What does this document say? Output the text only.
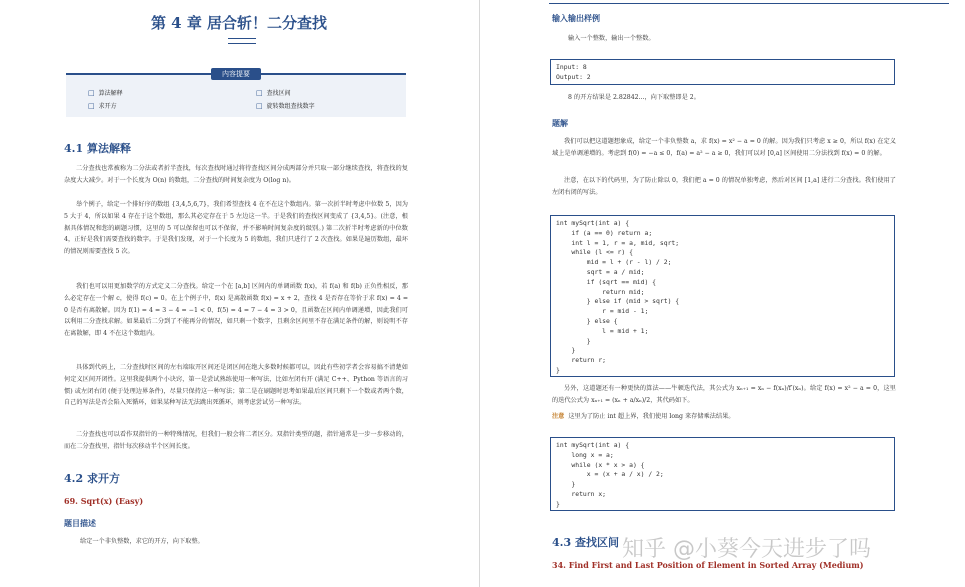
第 4 章 居合斩！二分查找
内容提要
□ 算法解释	□ 查找区间
□ 求开方	□ 旋转数组查找数字
4.1 算法解释
二分查找也常被称为二分法或者折半查找，每次查找时通过将待查找区间分成两部分并只取一部分继续查找，将查找的复杂度大大减少。对于一个长度为 O(n) 的数组，二分查找的时间复杂度为 O(log n)。
举个例子，给定一个排好序的数组 {3,4,5,6,7}，我们希望查找 4 在不在这个数组内。第一次折半时考虑中位数 5，因为 5 大于 4，所以如果 4 存在于这个数组，那么其必定存在于 5 左边这一半。于是我们的查找区间变成了 {3,4,5}。(注意，根据具体情况和您的刷题习惯，这里的 5 可以保留也可以不保留，并不影响时间复杂度的级别。) 第二次折半时考虑新的中位数 4，正好是我们需要查找的数字。于是我们发现，对于一个长度为 5 的数组，我们只进行了 2 次查找。如果是遍历数组，最坏的情况则需要查找 5 次。
我们也可以用更加数学的方式定义二分查找。给定一个在 [a,b] 区间内的单调函数 f(x)，若 f(a) 和 f(b) 正负性相反，那么必定存在一个解 c，使得 f(c) = 0。在上个例子中，f(x) 是离散函数 f(x) = x + 2，查找 4 是否存在等价于求 f(x) = 4 = 0 是否有离散解。因为 f(1) = 4 = 3 − 4 = −1 < 0、f(5) = 4 = 7 − 4 = 3 > 0，且函数在区间内单调递增，因此我们可以利用二分查找求解。如果最后二分到了不能再分的情况，如只剩一个数字，且剩余区间里不存在满足条件的解，则说明不存在离散解，即 4 不在这个数组内。
具体到代码上，二分查找时区间的左右端取开区间还是闭区间在绝大多数时候都可以，因此有些初学者会容易搞不清楚如何定义区间开闭性。这里我提供两个小诀窍，第一是尝试熟练使用一种写法，比如左闭右开 (满足 C++、Python 等语言的习惯) 或左闭右闭 (便于处理边界条件)，尽量只保持这一种写法；第二是在刷题时思考如果最后区间只剩下一个数或者两个数，自己的写法是否会陷入死循环，如果某种写法无法跳出死循环，则考虑尝试另一种写法。
二分查找也可以看作双指针的一种特殊情况，但我们一般会将二者区分。双指针类型的题，指针通常是一步一步移动的，而在二分查找里，指针每次移动半个区间长度。
4.2 求开方
69. Sqrt(x) (Easy)
题目描述
给定一个非负整数，求它的开方，向下取整。
输入输出样例
输入一个整数，输出一个整数。
Input: 8
Output: 2
8 的开方结果是 2.82842...，向下取整即是 2。
题解
我们可以把这道题想象成，给定一个非负整数 a，求 f(x) = x² − a = 0 的解。因为我们只考虑 x ≥ 0，所以 f(x) 在定义域上是单调递增的。考虑到 f(0) = −a ≤ 0，f(a) = a² − a ≥ 0，我们可以对 [0,a] 区间使用二分法找到 f(x) = 0 的解。
注意，在以下的代码里，为了防止除以 0，我们把 a = 0 的情况单独考虑，然后对区间 [1,a] 进行二分查找。我们使用了左闭右闭的写法。
int mySqrt(int a) {
if (a == 0) return a;
int l = 1, r = a, mid, sqrt;
while (l <= r) {
mid = l + (r - l) / 2;
sqrt = a / mid;
if (sqrt == mid) {
return mid;
} else if (mid > sqrt) {
r = mid - 1;
} else {
l = mid + 1;
}
}
return r;
}
另外，这道题还有一种更快的算法——牛顿迭代法，其公式为 xₙ₊₁ = xₙ − f(xₙ)/f′(xₙ)。给定 f(x) = x² − a = 0，这里的迭代公式为 xₙ₊₁ = (xₙ + a/xₙ)/2，其代码如下。
注意 这里为了防止 int 超上界，我们使用 long 来存储乘法结果。
int mySqrt(int a) {
long x = a;
while (x * x > a) {
x = (x + a / x) / 2;
}
return x;
}
4.3 查找区间
34. Find First and Last Position of Element in Sorted Array (Medium)
知乎 @小葵今天进步了吗
